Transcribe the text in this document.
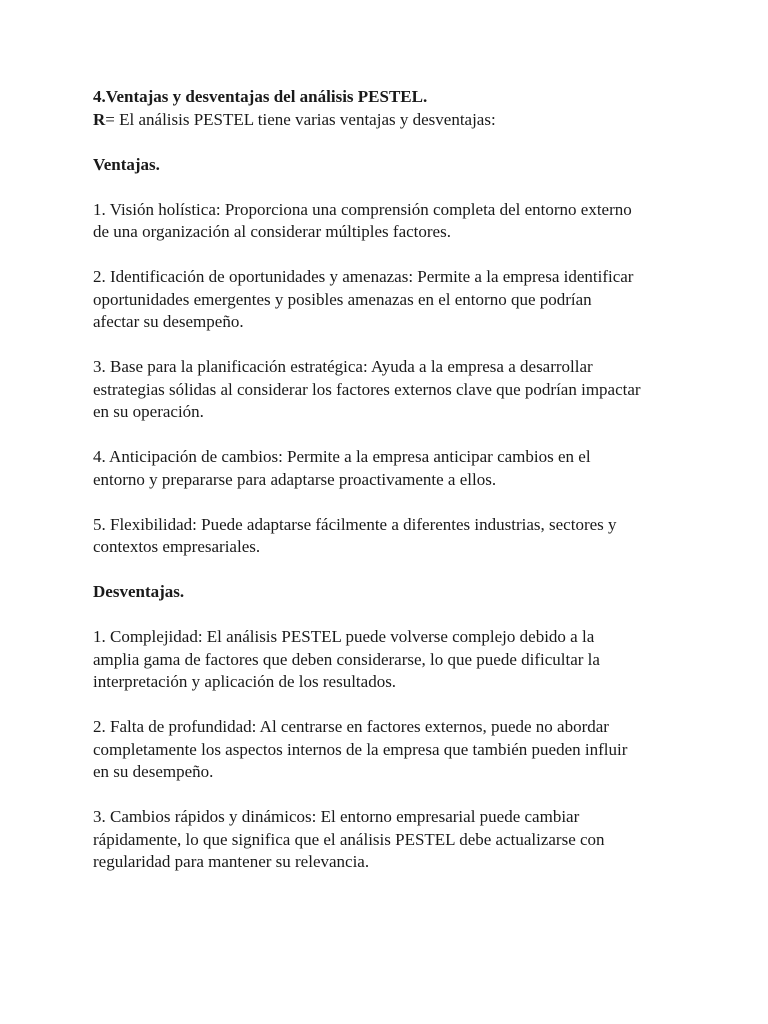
4.Ventajas y desventajas del análisis PESTEL.
R= El análisis PESTEL tiene varias ventajas y desventajas:
Ventajas.
1. Visión holística: Proporciona una comprensión completa del entorno externo
de una organización al considerar múltiples factores.
2. Identificación de oportunidades y amenazas: Permite a la empresa identificar
oportunidades emergentes y posibles amenazas en el entorno que podrían
afectar su desempeño.
3. Base para la planificación estratégica: Ayuda a la empresa a desarrollar
estrategias sólidas al considerar los factores externos clave que podrían impactar
en su operación.
4. Anticipación de cambios: Permite a la empresa anticipar cambios en el
entorno y prepararse para adaptarse proactivamente a ellos.
5. Flexibilidad: Puede adaptarse fácilmente a diferentes industrias, sectores y
contextos empresariales.
Desventajas.
1. Complejidad: El análisis PESTEL puede volverse complejo debido a la
amplia gama de factores que deben considerarse, lo que puede dificultar la
interpretación y aplicación de los resultados.
2. Falta de profundidad: Al centrarse en factores externos, puede no abordar
completamente los aspectos internos de la empresa que también pueden influir
en su desempeño.
3. Cambios rápidos y dinámicos: El entorno empresarial puede cambiar
rápidamente, lo que significa que el análisis PESTEL debe actualizarse con
regularidad para mantener su relevancia.
